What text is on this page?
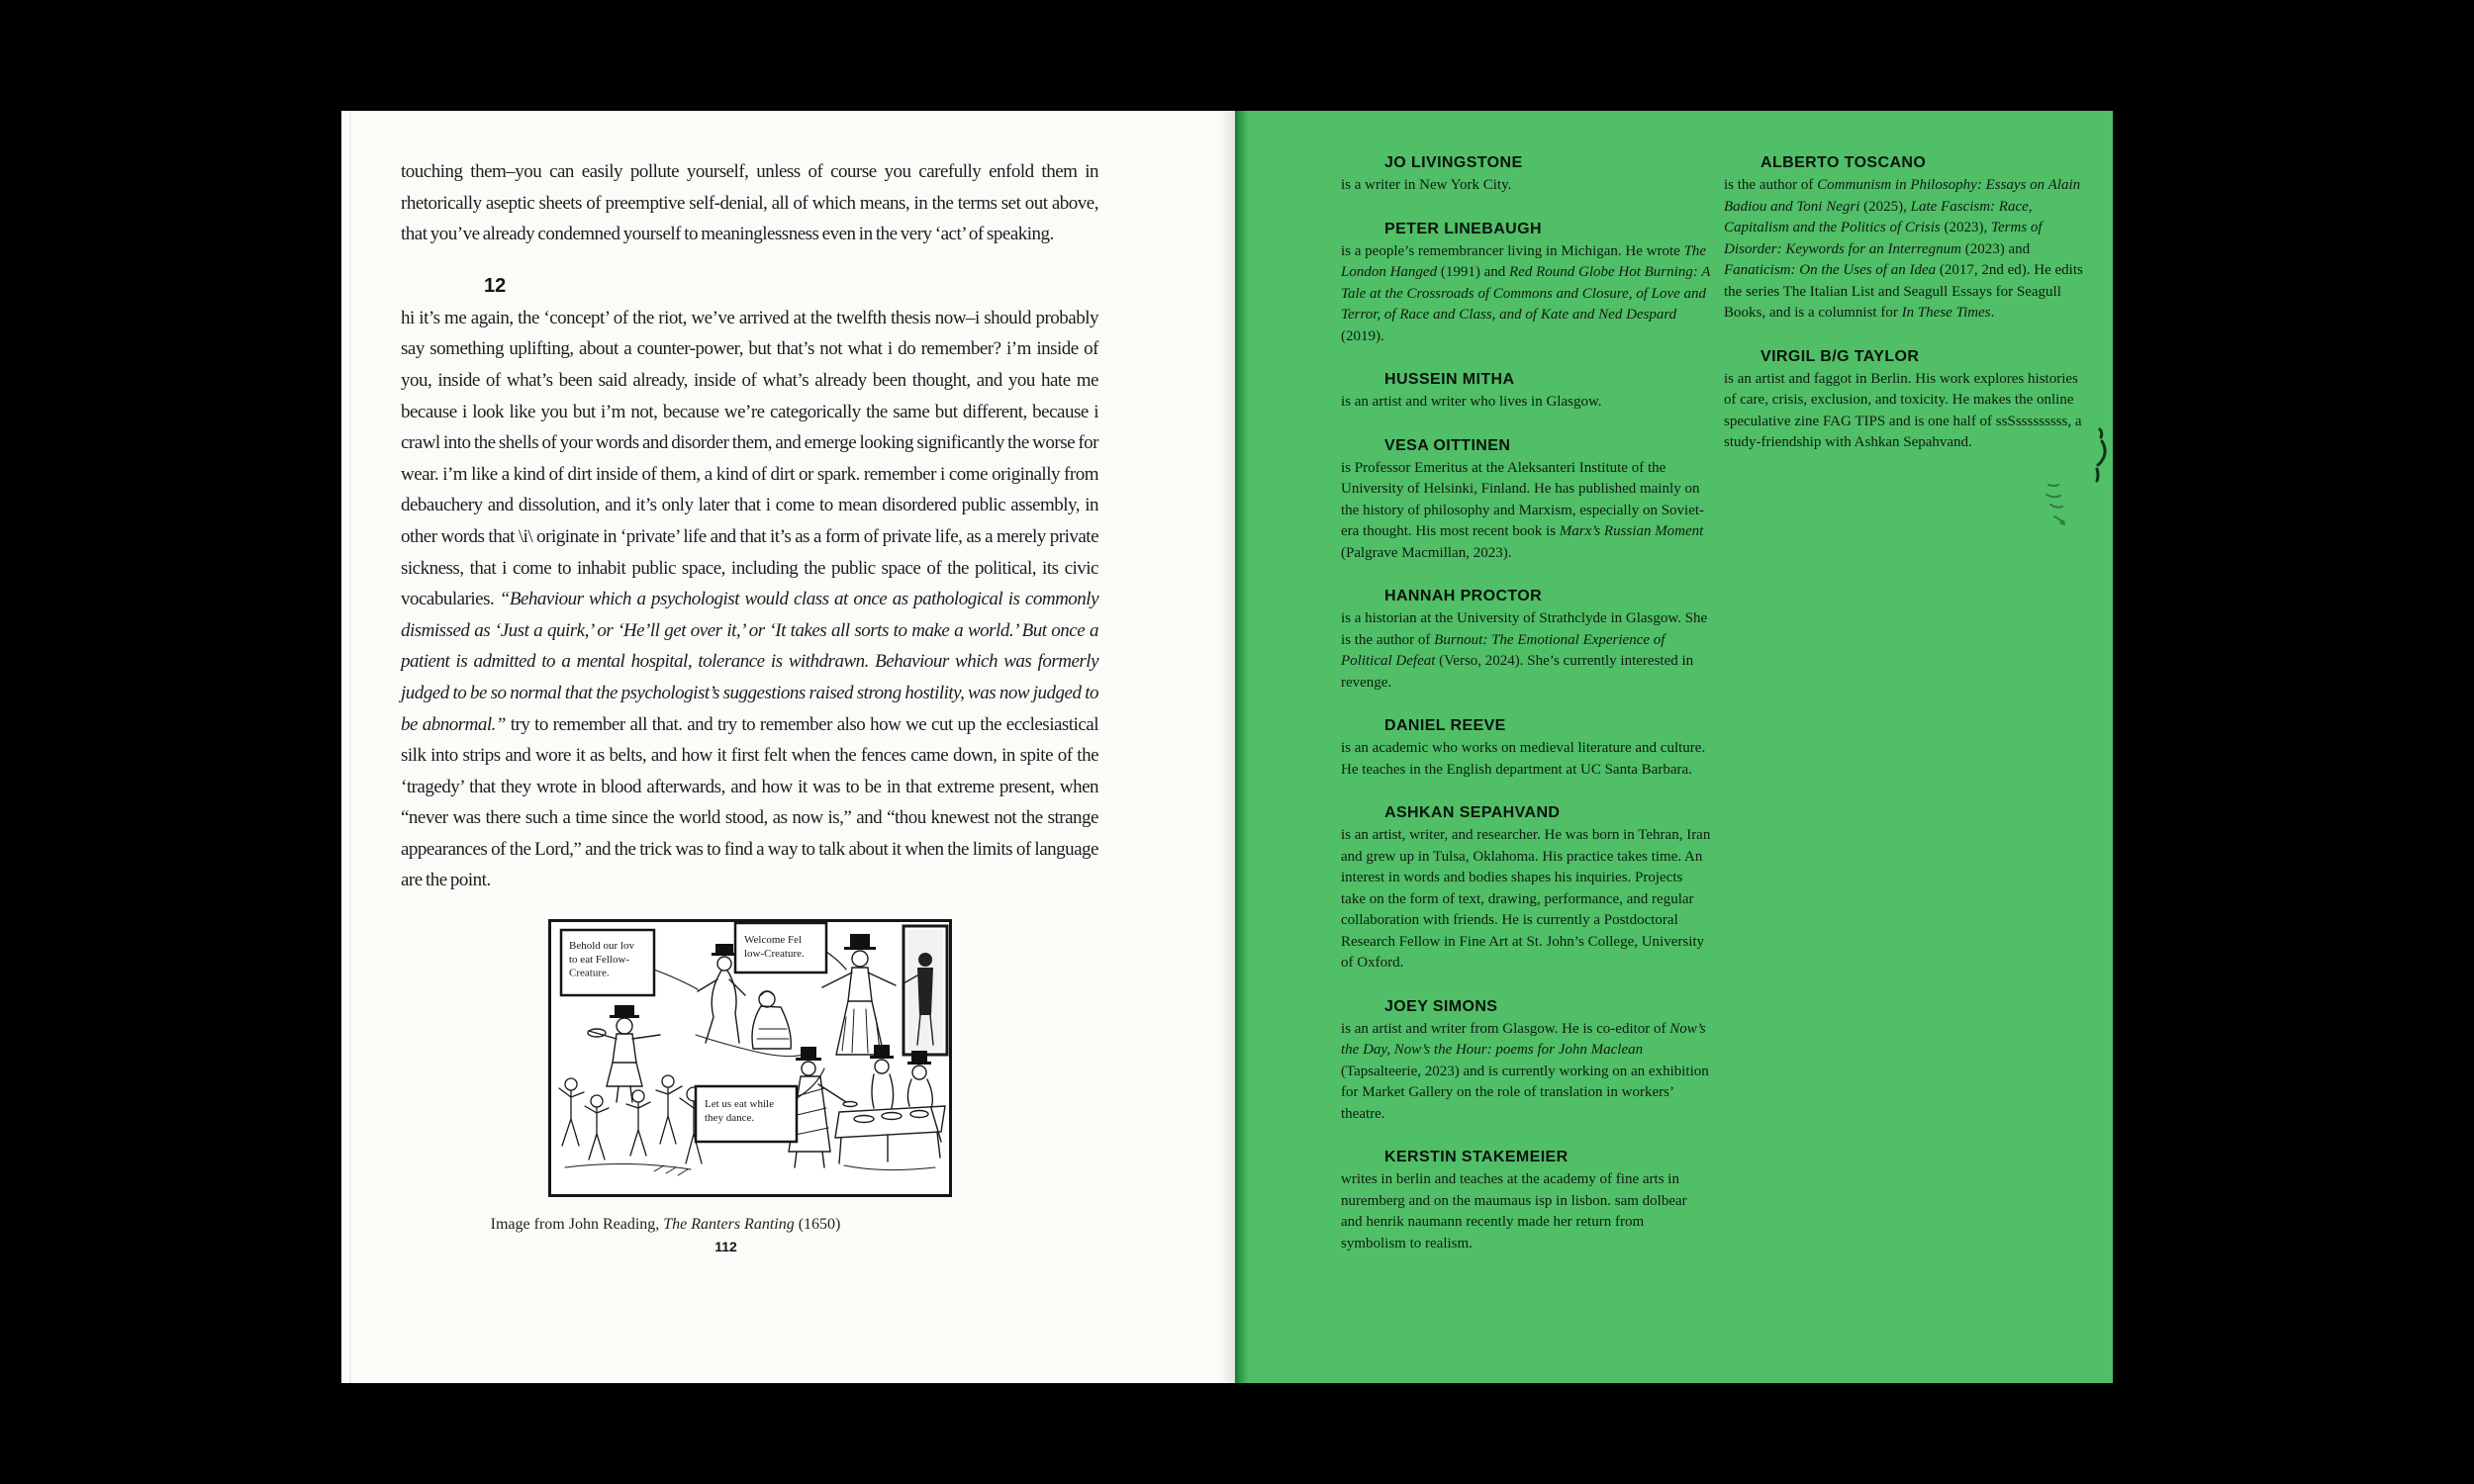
touching them–you can easily pollute yourself, unless of course you carefully enfold them in rhetorically aseptic sheets of preemptive self-denial, all of which means, in the terms set out above, that you’ve already condemned yourself to meaninglessness even in the very ‘act’ of speaking.

12

hi it’s me again, the ‘concept’ of the riot, we’ve arrived at the twelfth thesis now–i should probably say something uplifting, about a counter-power, but that’s not what i do remember? i’m inside of you, inside of what’s been said already, inside of what’s already been thought, and you hate me because i look like you but i’m not, because we’re categorically the same but different, because i crawl into the shells of your words and disorder them, and emerge looking significantly the worse for wear. i’m like a kind of dirt inside of them, a kind of dirt or spark. remember i come originally from debauchery and dissolution, and it’s only later that i come to mean disordered public assembly, in other words that \i\ originate in ‘private’ life and that it’s as a form of private life, as a merely private sickness, that i come to inhabit public space, including the public space of the political, its civic vocabularies. “Behaviour which a psychologist would class at once as pathological is commonly dismissed as ‘Just a quirk,’ or ‘He’ll get over it,’ or ‘It takes all sorts to make a world.’ But once a patient is admitted to a mental hospital, tolerance is withdrawn. Behaviour which was formerly judged to be so normal that the psychologist’s suggestions raised strong hostility, was now judged to be abnormal.” try to remember all that. and try to remember also how we cut up the ecclesiastical silk into strips and wore it as belts, and how it first felt when the fences came down, in spite of the ‘tragedy’ that they wrote in blood afterwards, and how it was to be in that extreme present, when “never was there such a time since the world stood, as now is,” and “thou knewest not the strange appearances of the Lord,” and the trick was to find a way to talk about it when the limits of language are the point.

Behold our lov to eat Fellow-Creature.
Welcome Fel low-Creature.
Let us eat while they dance.
Image from John Reading, The Ranters Ranting (1650)
112
JO LIVINGSTONE

is a writer in New York City.

PETER LINEBAUGH

is a people’s remembrancer living in Michigan. He wrote The London Hanged (1991) and Red Round Globe Hot Burning: A Tale at the Crossroads of Commons and Closure, of Love and Terror, of Race and Class, and of Kate and Ned Despard (2019).

HUSSEIN MITHA

is an artist and writer who lives in Glasgow.

VESA OITTINEN

is Professor Emeritus at the Aleksanteri Institute of the University of Helsinki, Finland. He has published mainly on the history of philosophy and Marxism, especially on Soviet-era thought. His most recent book is Marx’s Russian Moment (Palgrave Macmillan, 2023).

HANNAH PROCTOR

is a historian at the University of Strathclyde in Glasgow. She is the author of Burnout: The Emotional Experience of Political Defeat (Verso, 2024). She’s currently interested in revenge.

DANIEL REEVE

is an academic who works on medieval literature and culture. He teaches in the English department at UC Santa Barbara.

ASHKAN SEPAHVAND

is an artist, writer, and researcher. He was born in Tehran, Iran and grew up in Tulsa, Oklahoma. His practice takes time. An interest in words and bodies shapes his inquiries. Projects take on the form of text, drawing, performance, and regular collaboration with friends. He is currently a Postdoctoral Research Fellow in Fine Art at St. John’s College, University of Oxford.

JOEY SIMONS

is an artist and writer from Glasgow. He is co-editor of Now’s the Day, Now’s the Hour: poems for John Maclean (Tapsalteerie, 2023) and is currently working on an exhibition for Market Gallery on the role of translation in workers’ theatre.

KERSTIN STAKEMEIER

writes in berlin and teaches at the academy of fine arts in nuremberg and on the maumaus isp in lisbon. sam dolbear and henrik naumann recently made her return from symbolism to realism.

ALBERTO TOSCANO

is the author of Communism in Philosophy: Essays on Alain Badiou and Toni Negri (2025), Late Fascism: Race, Capitalism and the Politics of Crisis (2023), Terms of Disorder: Keywords for an Interregnum (2023) and Fanaticism: On the Uses of an Idea (2017, 2nd ed). He edits the series The Italian List and Seagull Essays for Seagull Books, and is a columnist for In These Times.

VIRGIL B/G TAYLOR

is an artist and faggot in Berlin. His work explores histories of care, crisis, exclusion, and toxicity. He makes the online speculative zine FAG TIPS and is one half of ssSsssssssss, a study-friendship with Ashkan Sepahvand.
